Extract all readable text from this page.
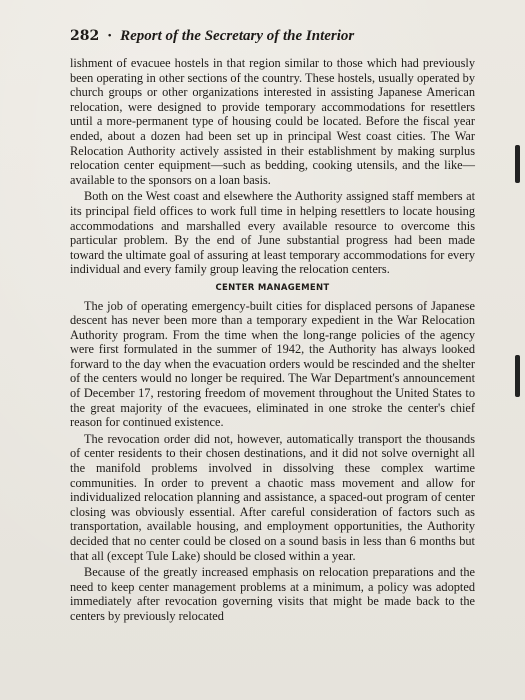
282 · Report of the Secretary of the Interior

lishment of evacuee hostels in that region similar to those which had previously been operating in other sections of the country. These hostels, usually operated by church groups or other organizations interested in assisting Japanese American relocation, were designed to provide temporary accommodations for resettlers until a more-permanent type of housing could be located. Before the fiscal year ended, about a dozen had been set up in principal West coast cities. The War Relocation Authority actively assisted in their establishment by making surplus relocation center equipment—such as bedding, cooking utensils, and the like—available to the sponsors on a loan basis.

Both on the West coast and elsewhere the Authority assigned staff members at its principal field offices to work full time in helping resettlers to locate housing accommodations and marshalled every available resource to overcome this particular problem. By the end of June substantial progress had been made toward the ultimate goal of assuring at least temporary accommodations for every individual and every family group leaving the relocation centers.

CENTER MANAGEMENT

The job of operating emergency-built cities for displaced persons of Japanese descent has never been more than a temporary expedient in the War Relocation Authority program. From the time when the long-range policies of the agency were first formulated in the summer of 1942, the Authority has always looked forward to the day when the evacuation orders would be rescinded and the shelter of the centers would no longer be required. The War Department's announcement of December 17, restoring freedom of movement throughout the United States to the great majority of the evacuees, eliminated in one stroke the center's chief reason for continued existence.

The revocation order did not, however, automatically transport the thousands of center residents to their chosen destinations, and it did not solve overnight all the manifold problems involved in dissolving these complex wartime communities. In order to prevent a chaotic mass movement and allow for individualized relocation planning and assistance, a spaced-out program of center closing was obviously essential. After careful consideration of factors such as transportation, available housing, and employment opportunities, the Authority decided that no center could be closed on a sound basis in less than 6 months but that all (except Tule Lake) should be closed within a year.

Because of the greatly increased emphasis on relocation preparations and the need to keep center management problems at a minimum, a policy was adopted immediately after revocation governing visits that might be made back to the centers by previously relocated
